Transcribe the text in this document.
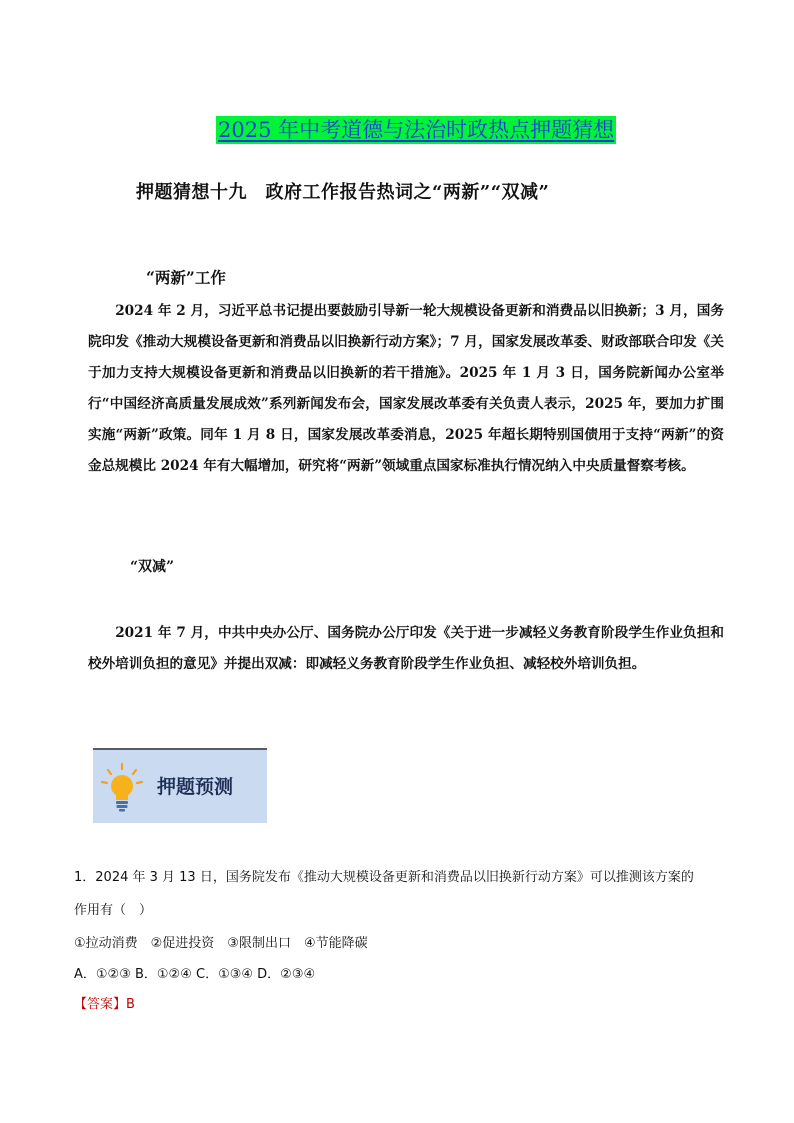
2025 年中考道德与法治时政热点押题猜想
押题猜想十九　政府工作报告热词之“两新”“双减”
“两新”工作
2024 年 2 月，习近平总书记提出要鼓励引导新一轮大规模设备更新和消费品以旧换新；3 月，国务院印发《推动大规模设备更新和消费品以旧换新行动方案》；7 月，国家发展改革委、财政部联合印发《关于加力支持大规模设备更新和消费品以旧换新的若干措施》。2025 年 1 月 3 日，国务院新闻办公室举行“中国经济高质量发展成效”系列新闻发布会，国家发展改革委有关负责人表示，2025 年，要加力扩围实施“两新”政策。同年 1 月 8 日，国家发展改革委消息，2025 年超长期特别国债用于支持“两新”的资金总规模比 2024 年有大幅增加，研究将“两新”领域重点国家标准执行情况纳入中央质量督察考核。
“双减”
2021 年 7 月，中共中央办公厅、国务院办公厅印发《关于进一步减轻义务教育阶段学生作业负担和校外培训负担的意见》并提出双减：即减轻义务教育阶段学生作业负担、减轻校外培训负担。
押题预测
1．2024 年 3 月 13 日，国务院发布《推动大规模设备更新和消费品以旧换新行动方案》可以推测该方案的
作用有（　）
①拉动消费　②促进投资　③限制出口　④节能降碳
A．①②③ B．①②④ C．①③④ D．②③④
【答案】B
